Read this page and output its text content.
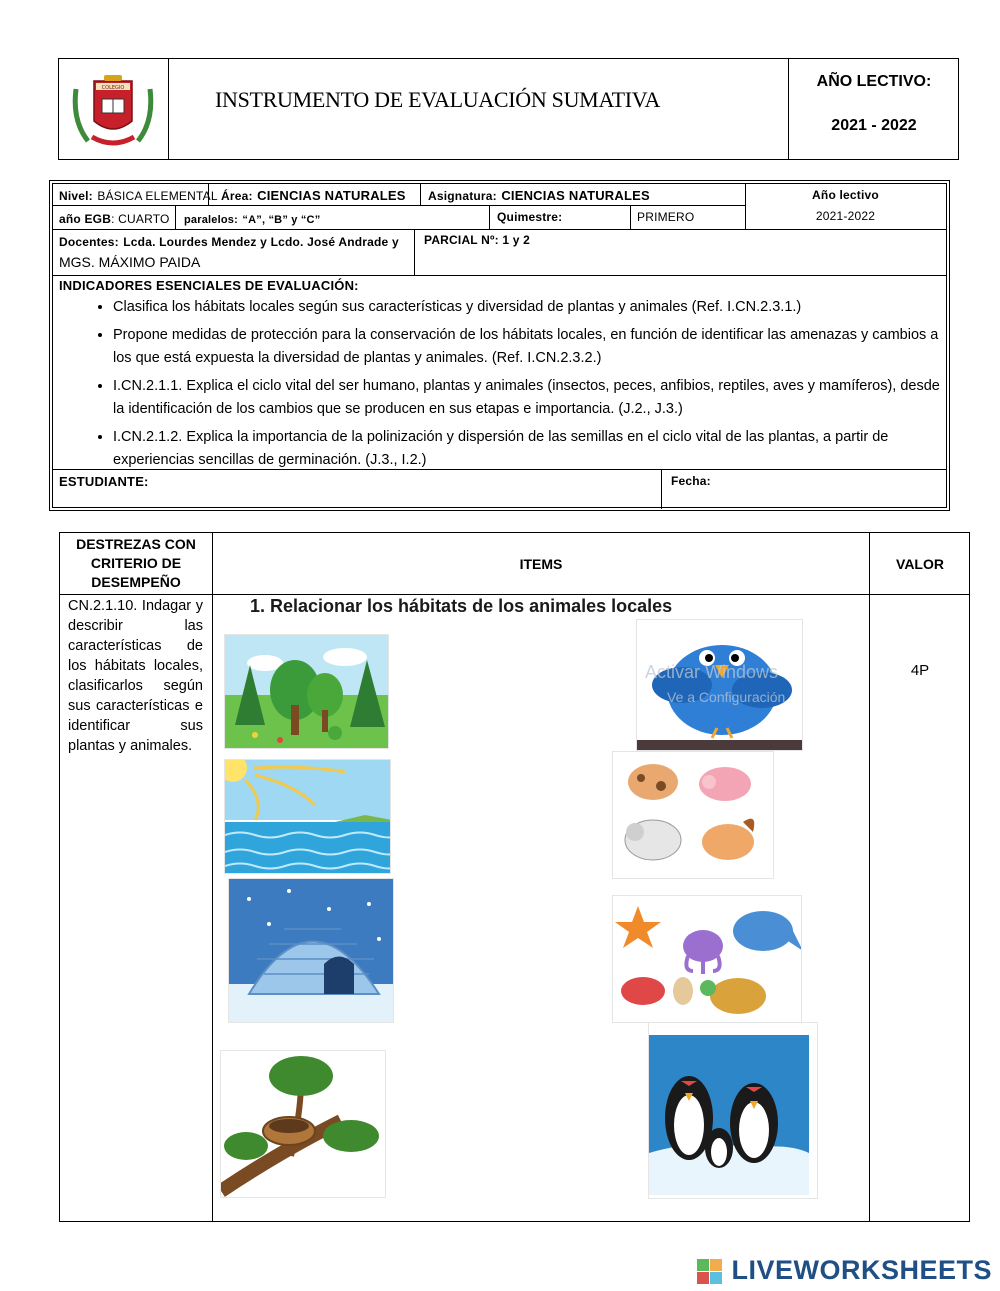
COLEGIO	INSTRUMENTO DE EVALUACIÓN SUMATIVA
AÑO LECTIVO:
2021 - 2022
Nivel: BÁSICA ELEMENTAL Área: CIENCIAS NATURALES Asignatura: CIENCIAS NATURALES	Año lectivo
2021-2022
año EGB: CUARTO paralelos: “A”, “B” y “C”	Quimestre:	PRIMERO
Docentes: Lcda. Lourdes Mendez y Lcdo. José Andrade y
MGS. MÁXIMO PAIDA
PARCIAL Nº: 1 y 2
INDICADORES ESENCIALES DE EVALUACIÓN:
• Clasifica los hábitats locales según sus características y diversidad de plantas y animales (Ref. I.CN.2.3.1.)
• Propone medidas de protección para la conservación de los hábitats locales, en función de identificar las amenazas y cambios a los que está expuesta la diversidad de plantas y animales. (Ref. I.CN.2.3.2.)
• I.CN.2.1.1. Explica el ciclo vital del ser humano, plantas y animales (insectos, peces, anfibios, reptiles, aves y mamíferos), desde la identificación de los cambios que se producen en sus etapas e importancia. (J.2., J.3.)
• I.CN.2.1.2. Explica la importancia de la polinización y dispersión de las semillas en el ciclo vital de las plantas, a partir de experiencias sencillas de germinación. (J.3., I.2.)
ESTUDIANTE:	Fecha:
DESTREZAS CON CRITERIO DE DESEMPEÑO
ITEMS	VALOR
CN.2.1.10. Indagar y describir las características de los hábitats locales, clasificarlos según sus características e identificar sus plantas y animales.
1. Relacionar los hábitats de los animales locales
4P
Activar Windows
Ve a Configuración
LIVEWORKSHEETS
